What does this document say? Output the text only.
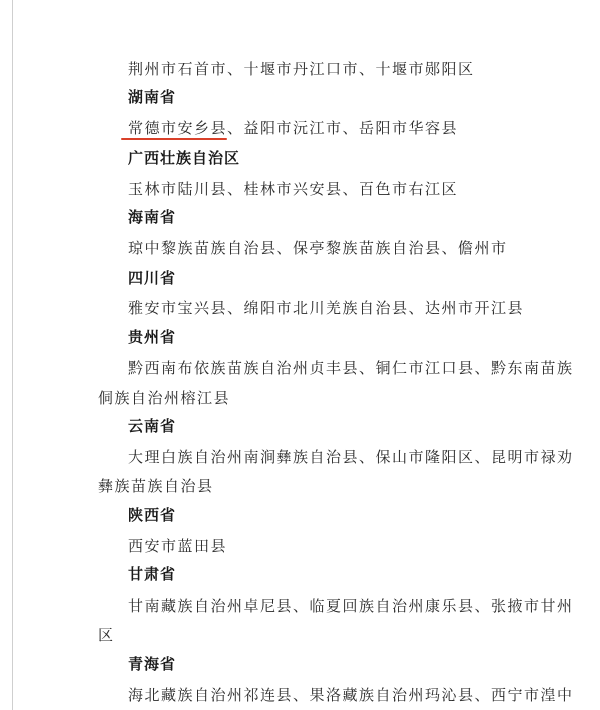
荆州市石首市、十堰市丹江口市、十堰市郧阳区
湖南省
常德市安乡县、益阳市沅江市、岳阳市华容县
广西壮族自治区
玉林市陆川县、桂林市兴安县、百色市右江区
海南省
琼中黎族苗族自治县、保亭黎族苗族自治县、儋州市
四川省
雅安市宝兴县、绵阳市北川羌族自治县、达州市开江县
贵州省
黔西南布依族苗族自治州贞丰县、铜仁市江口县、黔东南苗族
侗族自治州榕江县
云南省
大理白族自治州南涧彝族自治县、保山市隆阳区、昆明市禄劝
彝族苗族自治县
陕西省
西安市蓝田县
甘肃省
甘南藏族自治州卓尼县、临夏回族自治州康乐县、张掖市甘州
区
青海省
海北藏族自治州祁连县、果洛藏族自治州玛沁县、西宁市湟中
